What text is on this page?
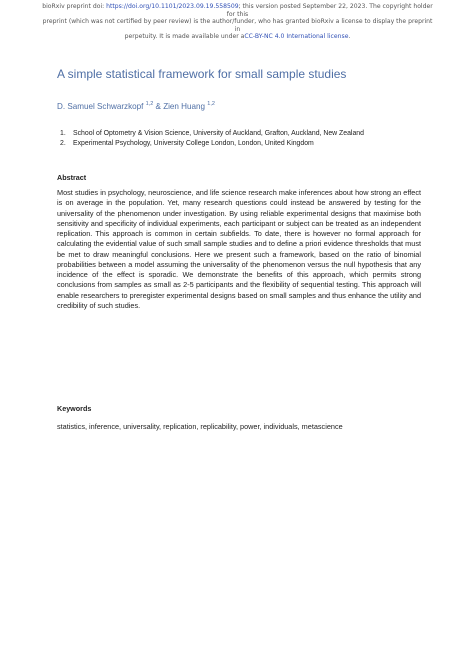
bioRxiv preprint doi: https://doi.org/10.1101/2023.09.19.558509; this version posted September 22, 2023. The copyright holder for this
preprint (which was not certified by peer review) is the author/funder, who has granted bioRxiv a license to display the preprint in
perpetuity. It is made available under aCC-BY-NC 4.0 International license.
A simple statistical framework for small sample studies
D. Samuel Schwarzkopf $^{1,2}$ & Zien Huang $^{1,2}$
1.	School of Optometry & Vision Science, University of Auckland, Grafton, Auckland, New Zealand
2.	Experimental Psychology, University College London, London, United Kingdom
Abstract

Most studies in psychology, neuroscience, and life science research make inferences about how strong an effect is on average in the population. Yet, many research questions could instead be answered by testing for the universality of the phenomenon under investigation. By using reliable experimental designs that maximise both sensitivity and specificity of individual experiments, each participant or subject can be treated as an independent replication. This approach is common in certain subfields. To date, there is however no formal approach for calculating the evidential value of such small sample studies and to define a priori evidence thresholds that must be met to draw meaningful conclusions. Here we present such a framework, based on the ratio of binomial probabilities between a model assuming the universality of the phenomenon versus the null hypothesis that any incidence of the effect is sporadic. We demonstrate the benefits of this approach, which permits strong conclusions from samples as small as 2-5 participants and the flexibility of sequential testing. This approach will enable researchers to preregister experimental designs based on small samples and thus enhance the utility and credibility of such studies.

Keywords

statistics, inference, universality, replication, replicability, power, individuals, metascience
